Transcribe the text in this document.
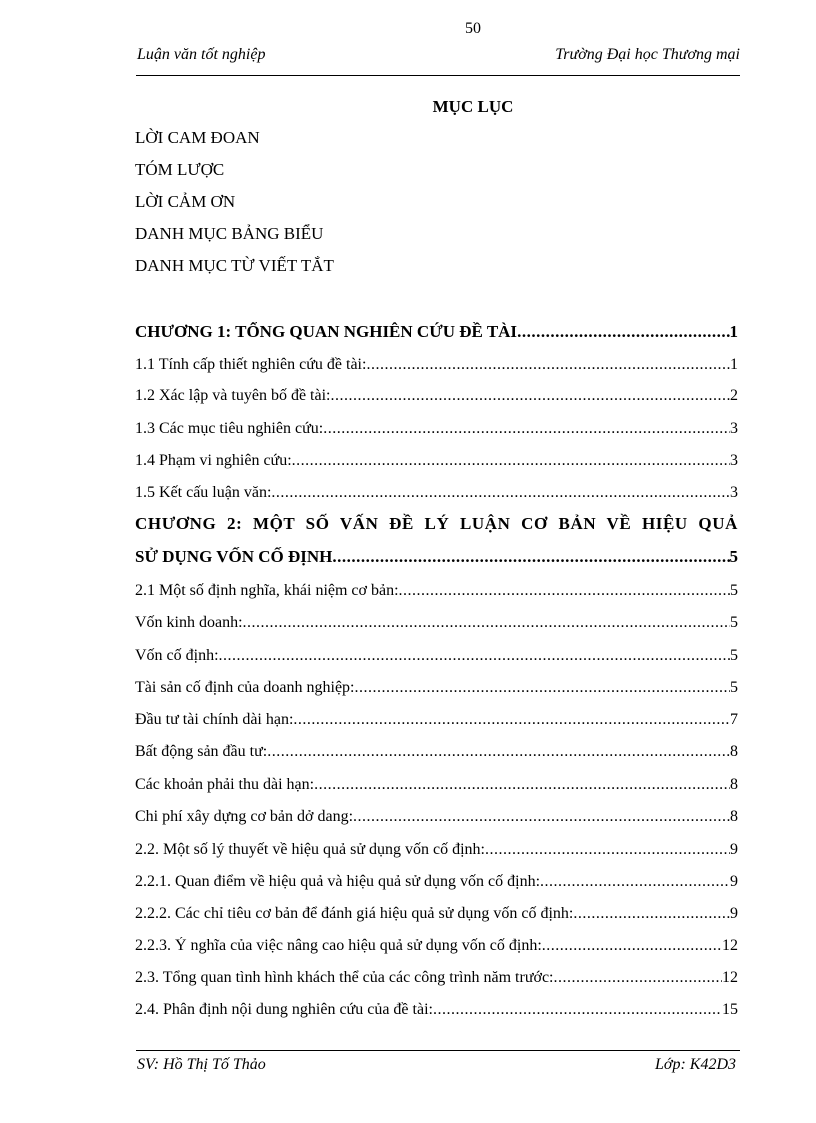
50
Luận văn tốt nghiệp	Trường Đại học Thương mại
MỤC LỤC
LỜI CAM ĐOAN
TÓM LƯỢC
LỜI CẢM ƠN
DANH MỤC BẢNG BIỂU
DANH MỤC TỪ VIẾT TẮT
CHƯƠNG 1: TỔNG QUAN NGHIÊN CỨU ĐỀ TÀI .....	1
1.1 Tính cấp thiết nghiên cứu đề tài: .....	1
1.2 Xác lập và tuyên bố đề tài: .....	2
1.3 Các mục tiêu nghiên cứu: .....	3
1.4 Phạm vi nghiên cứu: .....	3
1.5 Kết cấu luận văn: .....	3
CHƯƠNG 2: MỘT SỐ VẤN ĐỀ LÝ LUẬN CƠ BẢN VỀ HIỆU QUẢ
SỬ DỤNG VỐN CỐ ĐỊNH .....	5
2.1 Một số định nghĩa, khái niệm cơ bản: .....	5
Vốn kinh doanh: .....	5
Vốn cố định: .....	5
Tài sản cố định của doanh nghiệp: .....	5
Đầu tư tài chính dài hạn: .....	7
Bất động sản đầu tư: .....	8
Các khoản phải thu dài hạn: .....	8
Chi phí xây dựng cơ bản dở dang: .....	8
2.2. Một số lý thuyết về hiệu quả sử dụng vốn cố định: .....	9
2.2.1. Quan điểm về hiệu quả và hiệu quả sử dụng vốn cố định: .....	9
2.2.2. Các chỉ tiêu cơ bản để đánh giá hiệu quả sử dụng vốn cố định: .....	9
2.2.3. Ý nghĩa của việc nâng cao hiệu quả sử dụng vốn cố định: .....	12
2.3. Tổng quan tình hình khách thể của các công trình năm trước: .....	12
2.4. Phân định nội dung nghiên cứu của đề tài: .....	15
SV: Hồ Thị Tố Thảo	Lớp: K42D3
